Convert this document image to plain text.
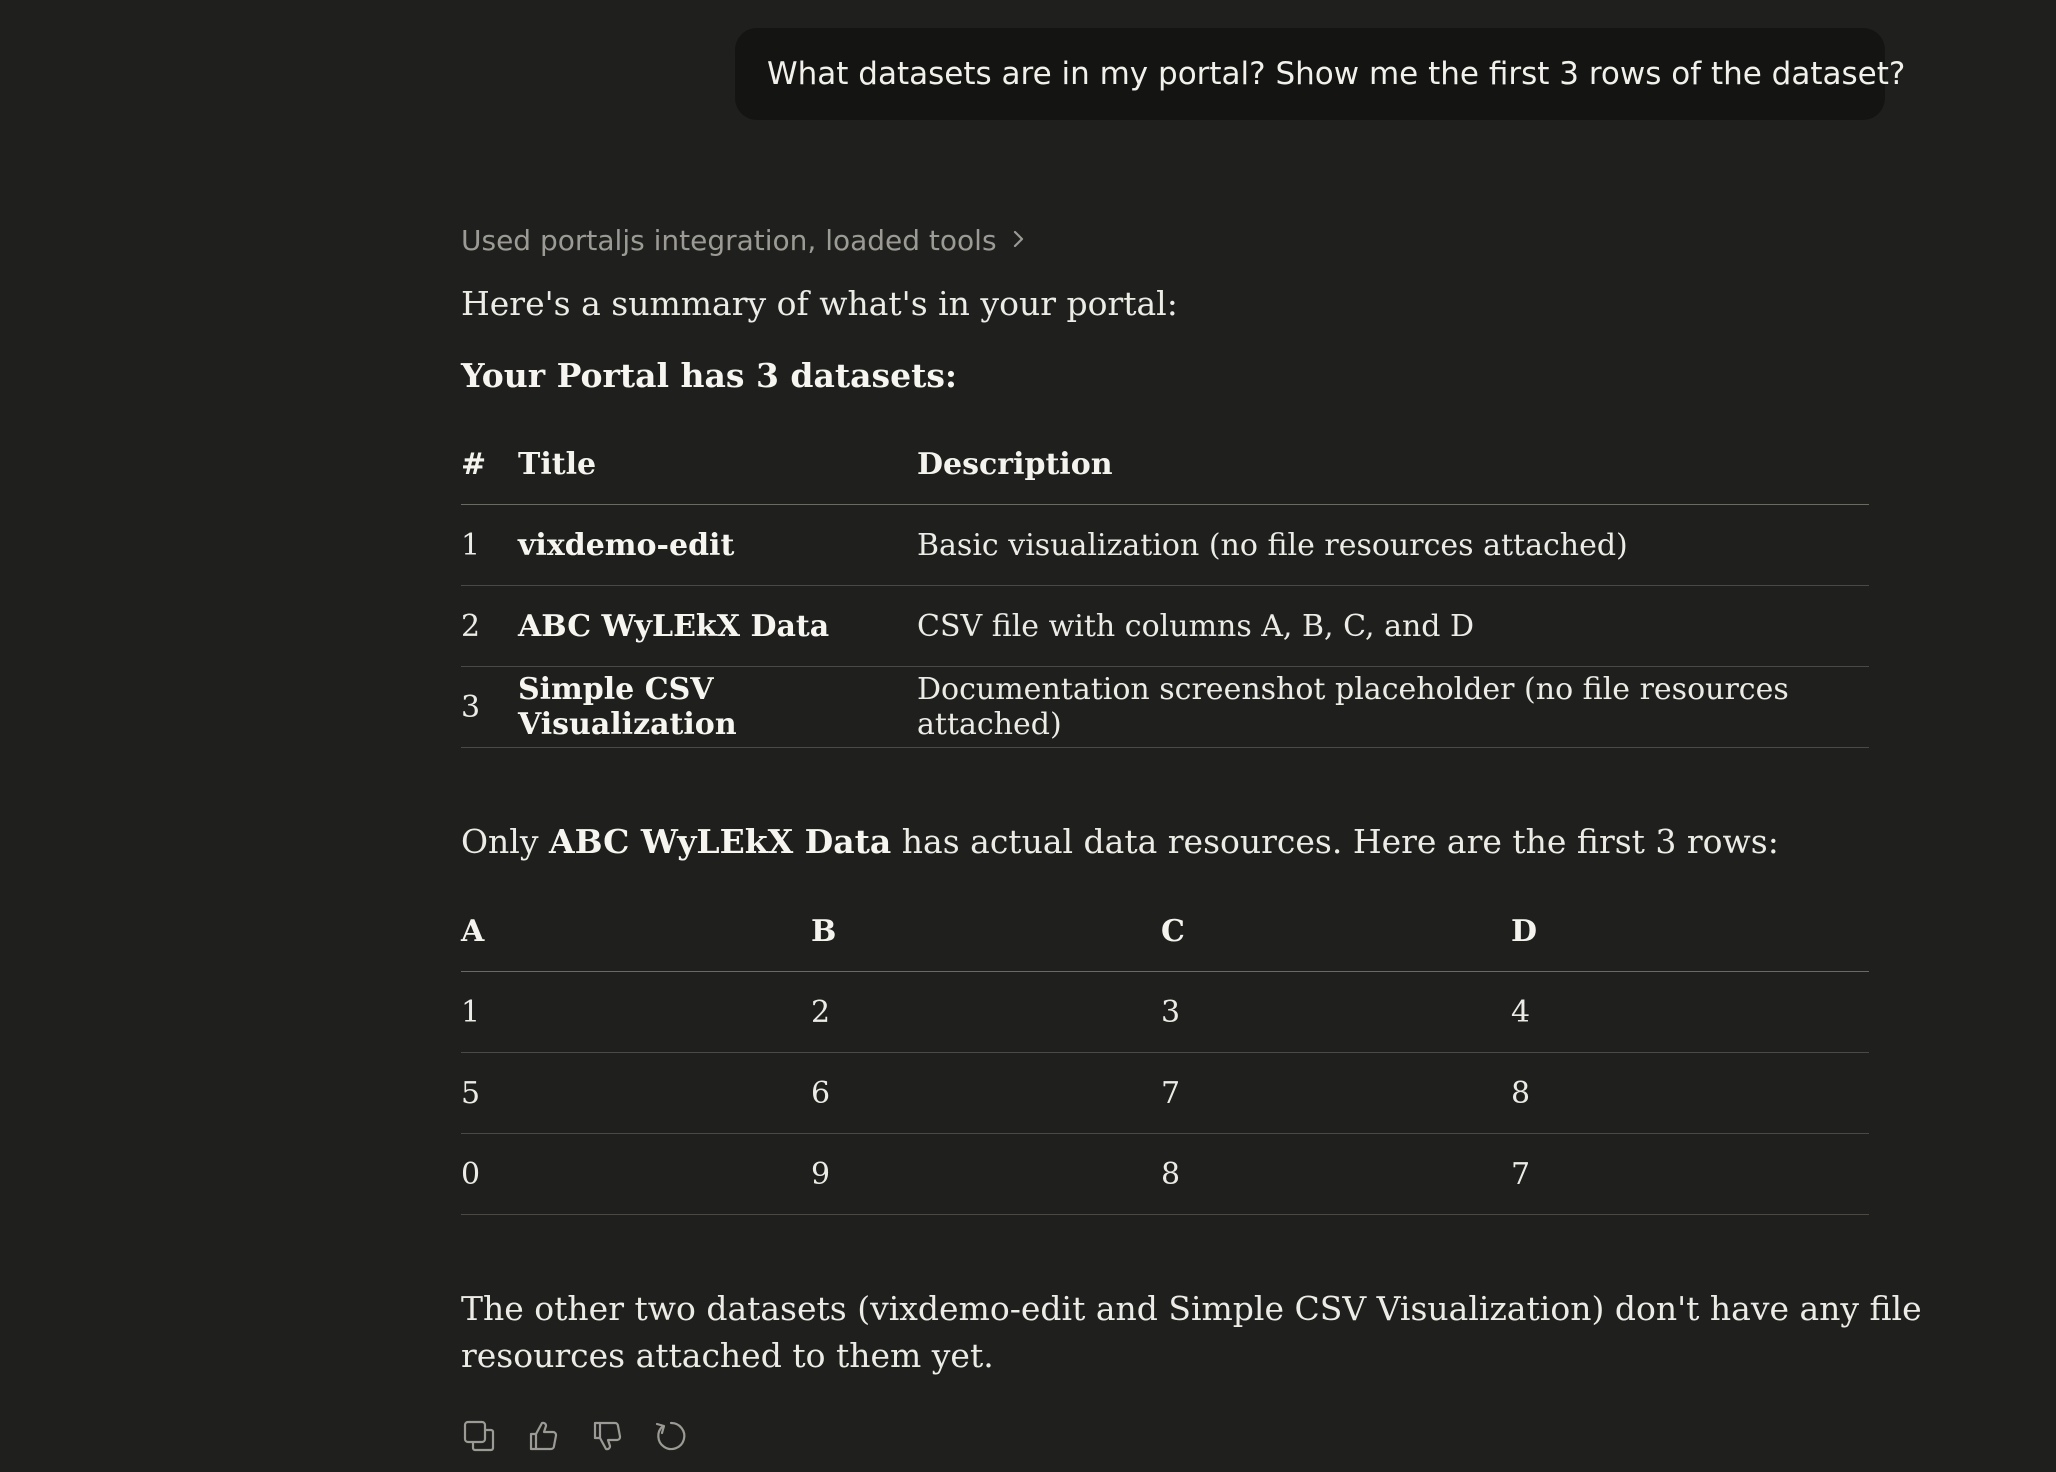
What datasets are in my portal? Show me the first 3 rows of the dataset?
Used portaljs integration, loaded tools
Here's a summary of what's in your portal:
Your Portal has 3 datasets:
#	Title	Description
1	vixdemo-edit	Basic visualization (no file resources attached)
2	ABC WyLEkX Data	CSV file with columns A, B, C, and D
3	Simple CSV Visualization	Documentation screenshot placeholder (no file resources attached)
Only ABC WyLEkX Data has actual data resources. Here are the first 3 rows:
A	B	C	D
1	2	3	4
5	6	7	8
0	9	8	7
The other two datasets (vixdemo-edit and Simple CSV Visualization) don't have any file
resources attached to them yet.
